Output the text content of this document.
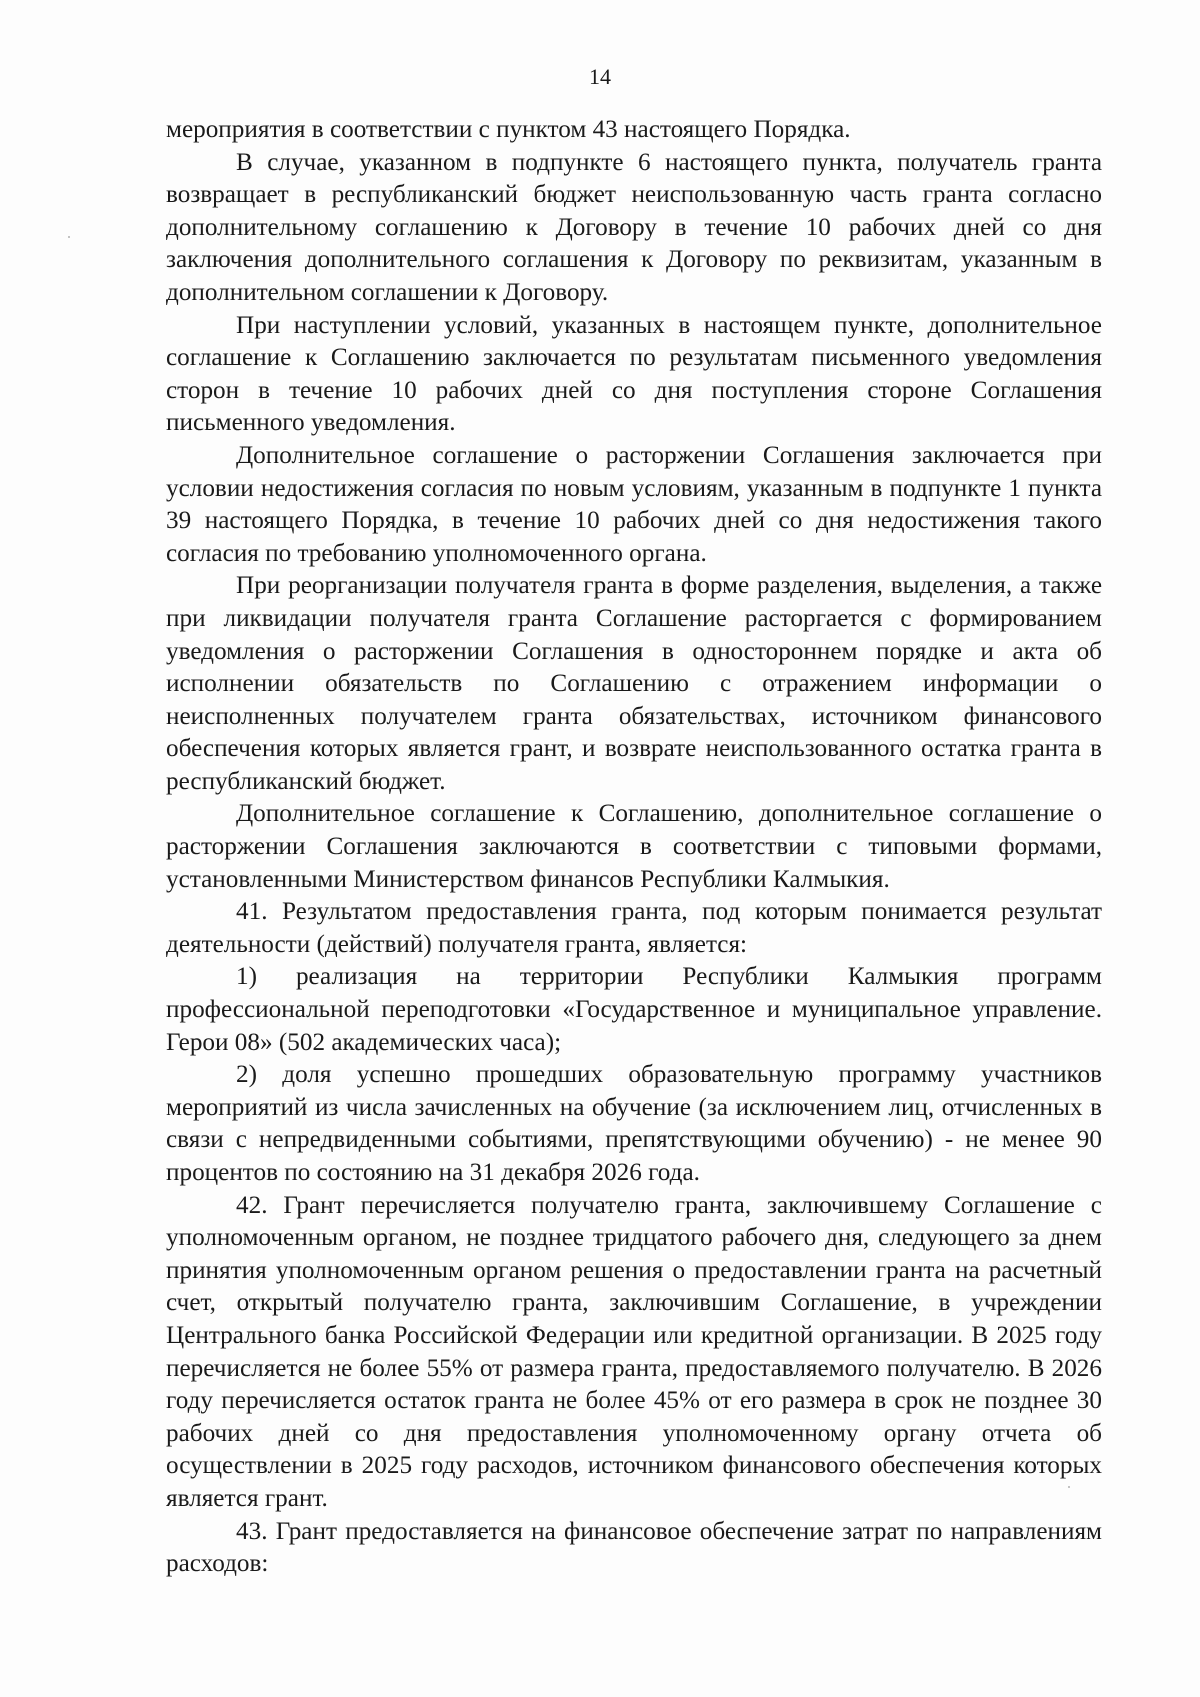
14

мероприятия в соответствии с пунктом 43 настоящего Порядка.

В случае, указанном в подпункте 6 настоящего пункта, получатель гранта возвращает в республиканский бюджет неиспользованную часть гранта согласно дополнительному соглашению к Договору в течение 10 рабочих дней со дня заключения дополнительного соглашения к Договору по реквизитам, указанным в дополнительном соглашении к Договору.

При наступлении условий, указанных в настоящем пункте, дополнительное соглашение к Соглашению заключается по результатам письменного уведомления сторон в течение 10 рабочих дней со дня поступления стороне Соглашения письменного уведомления.

Дополнительное соглашение о расторжении Соглашения заключается при условии недостижения согласия по новым условиям, указанным в подпункте 1 пункта 39 настоящего Порядка, в течение 10 рабочих дней со дня недостижения такого согласия по требованию уполномоченного органа.

При реорганизации получателя гранта в форме разделения, выделения, а также при ликвидации получателя гранта Соглашение расторгается с формированием уведомления о расторжении Соглашения в одностороннем порядке и акта об исполнении обязательств по Соглашению с отражением информации о неисполненных получателем гранта обязательствах, источником финансового обеспечения которых является грант, и возврате неиспользованного остатка гранта в республиканский бюджет.

Дополнительное соглашение к Соглашению, дополнительное соглашение о расторжении Соглашения заключаются в соответствии с типовыми формами, установленными Министерством финансов Республики Калмыкия.

41. Результатом предоставления гранта, под которым понимается результат деятельности (действий) получателя гранта, является:

1) реализация на территории Республики Калмыкия программ профессиональной переподготовки «Государственное и муниципальное управление. Герои 08» (502 академических часа);

2) доля успешно прошедших образовательную программу участников мероприятий из числа зачисленных на обучение (за исключением лиц, отчисленных в связи с непредвиденными событиями, препятствующими обучению) - не менее 90 процентов по состоянию на 31 декабря 2026 года.

42. Грант перечисляется получателю гранта, заключившему Соглашение с уполномоченным органом, не позднее тридцатого рабочего дня, следующего за днем принятия уполномоченным органом решения о предоставлении гранта на расчетный счет, открытый получателю гранта, заключившим Соглашение, в учреждении Центрального банка Российской Федерации или кредитной организации. В 2025 году перечисляется не более 55% от размера гранта, предоставляемого получателю. В 2026 году перечисляется остаток гранта не более 45% от его размера в срок не позднее 30 рабочих дней со дня предоставления уполномоченному органу отчета об осуществлении в 2025 году расходов, источником финансового обеспечения которых является грант.

43. Грант предоставляется на финансовое обеспечение затрат по направлениям расходов:
